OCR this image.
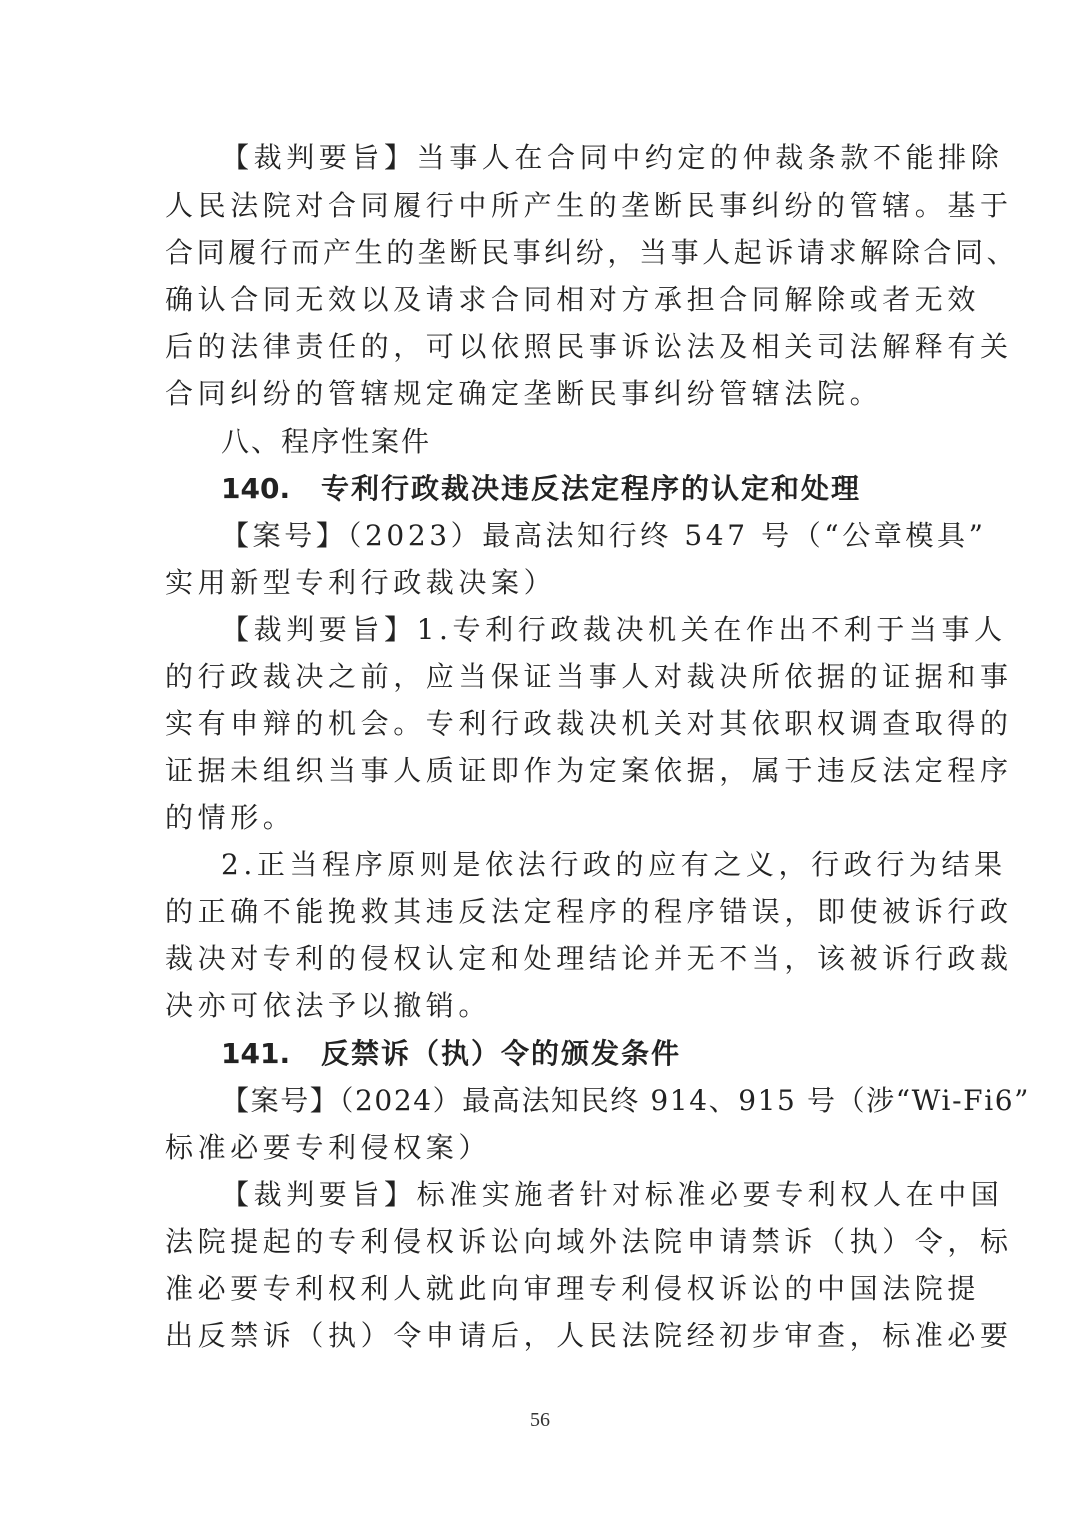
【裁判要旨】当事人在合同中约定的仲裁条款不能排除
人民法院对合同履行中所产生的垄断民事纠纷的管辖。基于
合同履行而产生的垄断民事纠纷，当事人起诉请求解除合同、
确认合同无效以及请求合同相对方承担合同解除或者无效
后的法律责任的，可以依照民事诉讼法及相关司法解释有关
合同纠纷的管辖规定确定垄断民事纠纷管辖法院。
八、程序性案件
140. 专利行政裁决违反法定程序的认定和处理
【案号】（2023）最高法知行终 547 号（“公章模具”
实用新型专利行政裁决案）
【裁判要旨】1.专利行政裁决机关在作出不利于当事人
的行政裁决之前，应当保证当事人对裁决所依据的证据和事
实有申辩的机会。专利行政裁决机关对其依职权调查取得的
证据未组织当事人质证即作为定案依据，属于违反法定程序
的情形。
2.正当程序原则是依法行政的应有之义，行政行为结果
的正确不能挽救其违反法定程序的程序错误，即使被诉行政
裁决对专利的侵权认定和处理结论并无不当，该被诉行政裁
决亦可依法予以撤销。
141. 反禁诉（执）令的颁发条件
【案号】（2024）最高法知民终 914、915 号（涉“Wi-Fi6”
标准必要专利侵权案）
【裁判要旨】标准实施者针对标准必要专利权人在中国
法院提起的专利侵权诉讼向域外法院申请禁诉（执）令，标
准必要专利权利人就此向审理专利侵权诉讼的中国法院提
出反禁诉（执）令申请后，人民法院经初步审查，标准必要
56
